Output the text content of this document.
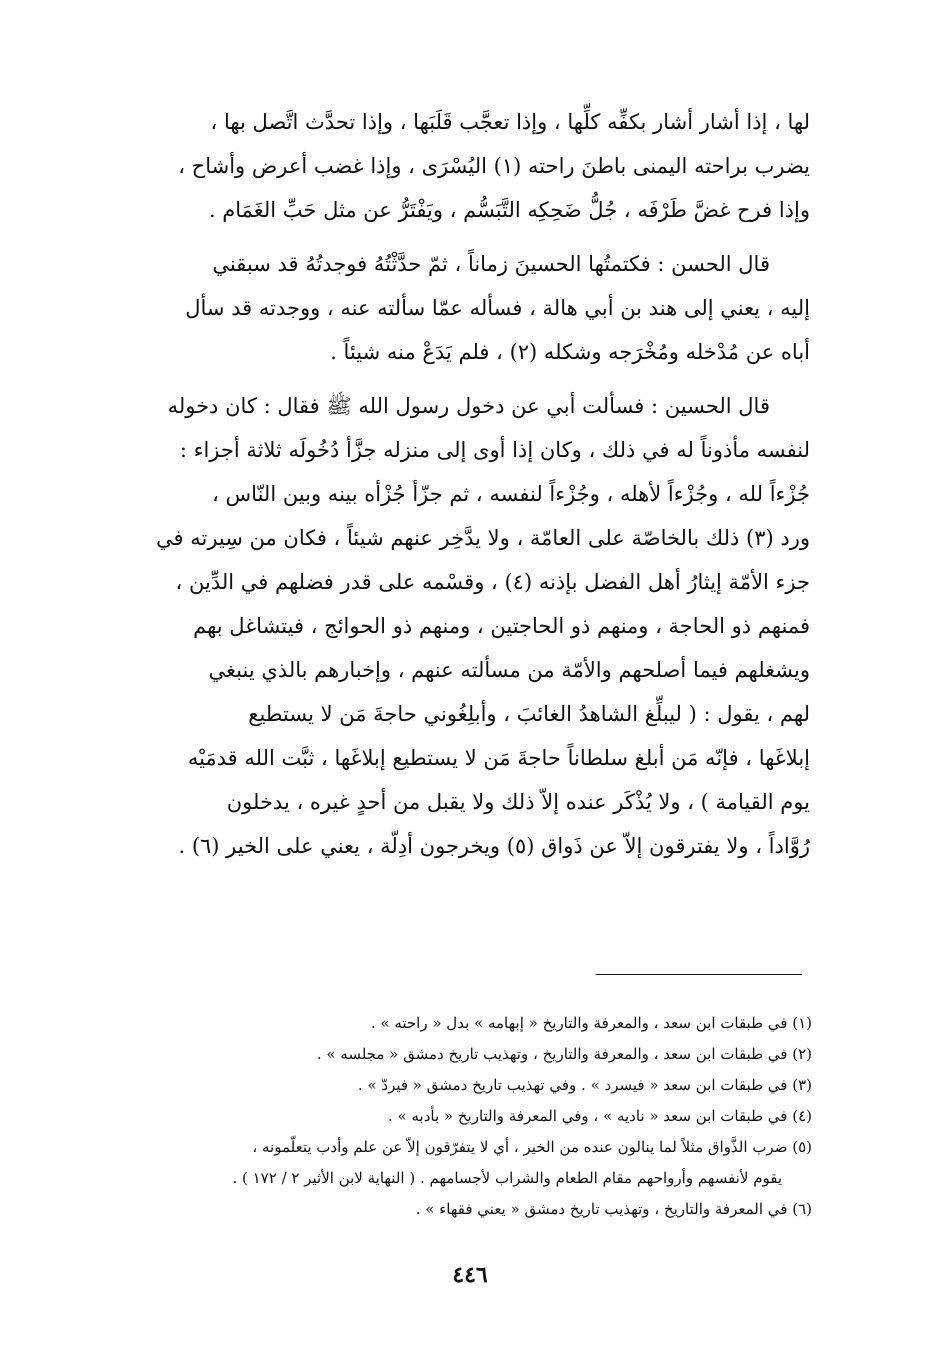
لها ، إذا أشار أشار بكفِّه كلِّها ، وإذا تعجَّب قَلَبَها ، وإذا تحدَّث اتَّصل بها ،
يضرب براحته اليمنى باطنَ راحته (١) اليُسْرَى ، وإذا غضب أعرض وأشاح ،
وإذا فرح غضَّ طَرْفَه ، جُلُّ ضَحِكِه التَّبَسُّم ، ويَفْتَرُّ عن مثل حَبِّ الغَمَام .
قال الحسن : فكتمتُها الحسينَ زماناً ، ثمّ حدَّثْتُهُ فوجدتُهُ قد سبقني
إليه ، يعني إلى هند بن أبي هالة ، فسأله عمّا سألته عنه ، ووجدته قد سأل
أباه عن مُدْخله ومُخْرَجه وشكله (٢) ، فلم يَدَعْ منه شيئاً .
قال الحسين : فسألت أبي عن دخول رسول الله ﷺ فقال : كان دخوله
لنفسه مأذوناً له في ذلك ، وكان إذا أوى إلى منزله جزَّأ دُخُولَه ثلاثة أجزاء :
جُزْءاً لله ، وجُزْءاً لأهله ، وجُزْءاً لنفسه ، ثم جزّأ جُزْأه بينه وبين النّاس ،
ورد (٣) ذلك بالخاصّة على العامّة ، ولا يدَّخِر عنهم شيئاً ، فكان من سِيرته في
جزء الأمّة إيثارُ أهل الفضل بإذنه (٤) ، وقسْمه على قدر فضلهم في الدِّين ،
فمنهم ذو الحاجة ، ومنهم ذو الحاجتين ، ومنهم ذو الحوائج ، فيتشاغل بهم
ويشغلهم فيما أصلحهم والأمّة من مسألته عنهم ، وإخبارهم بالذي ينبغي
لهم ، يقول : ( ليبلِّغ الشاهدُ الغائبَ ، وأبلِغُوني حاجةَ مَن لا يستطيع
إبلاغَها ، فإنّه مَن أبلغ سلطاناً حاجةَ مَن لا يستطيع إبلاغَها ، ثبَّت الله قدمَيْه
يوم القيامة ) ، ولا يُذْكَر عنده إلاّ ذلك ولا يقبل من أحدٍ غيره ، يدخلون
رُوَّاداً ، ولا يفترقون إلاّ عن ذَواق (٥) ويخرجون أدِلّة ، يعني على الخير (٦) .
(١) في طبقات ابن سعد ، والمعرفة والتاريخ « إبهامه » بدل « راحته » .
(٢) في طبقات ابن سعد ، والمعرفة والتاريخ ، وتهذيب تاريخ دمشق « مجلسه » .
(٣) في طبقات ابن سعد « فيسرد » . وفي تهذيب تاريخ دمشق « فيردّ » .
(٤) في طبقات ابن سعد « ناديه » ، وفي المعرفة والتاريخ « بأدبه » .
(٥) ضرب الذَّواق مثلاً لما ينالون عنده من الخير ، أي لا يتفرّقون إلاّ عن علم وأدب يتعلّمونه ،
يقوم لأنفسهم وأرواحهم مقام الطعام والشراب لأجسامهم . ( النهاية لابن الأثير ٢ / ١٧٢ ) .
(٦) في المعرفة والتاريخ ، وتهذيب تاريخ دمشق « يعني فقهاء » .
٤٤٦
